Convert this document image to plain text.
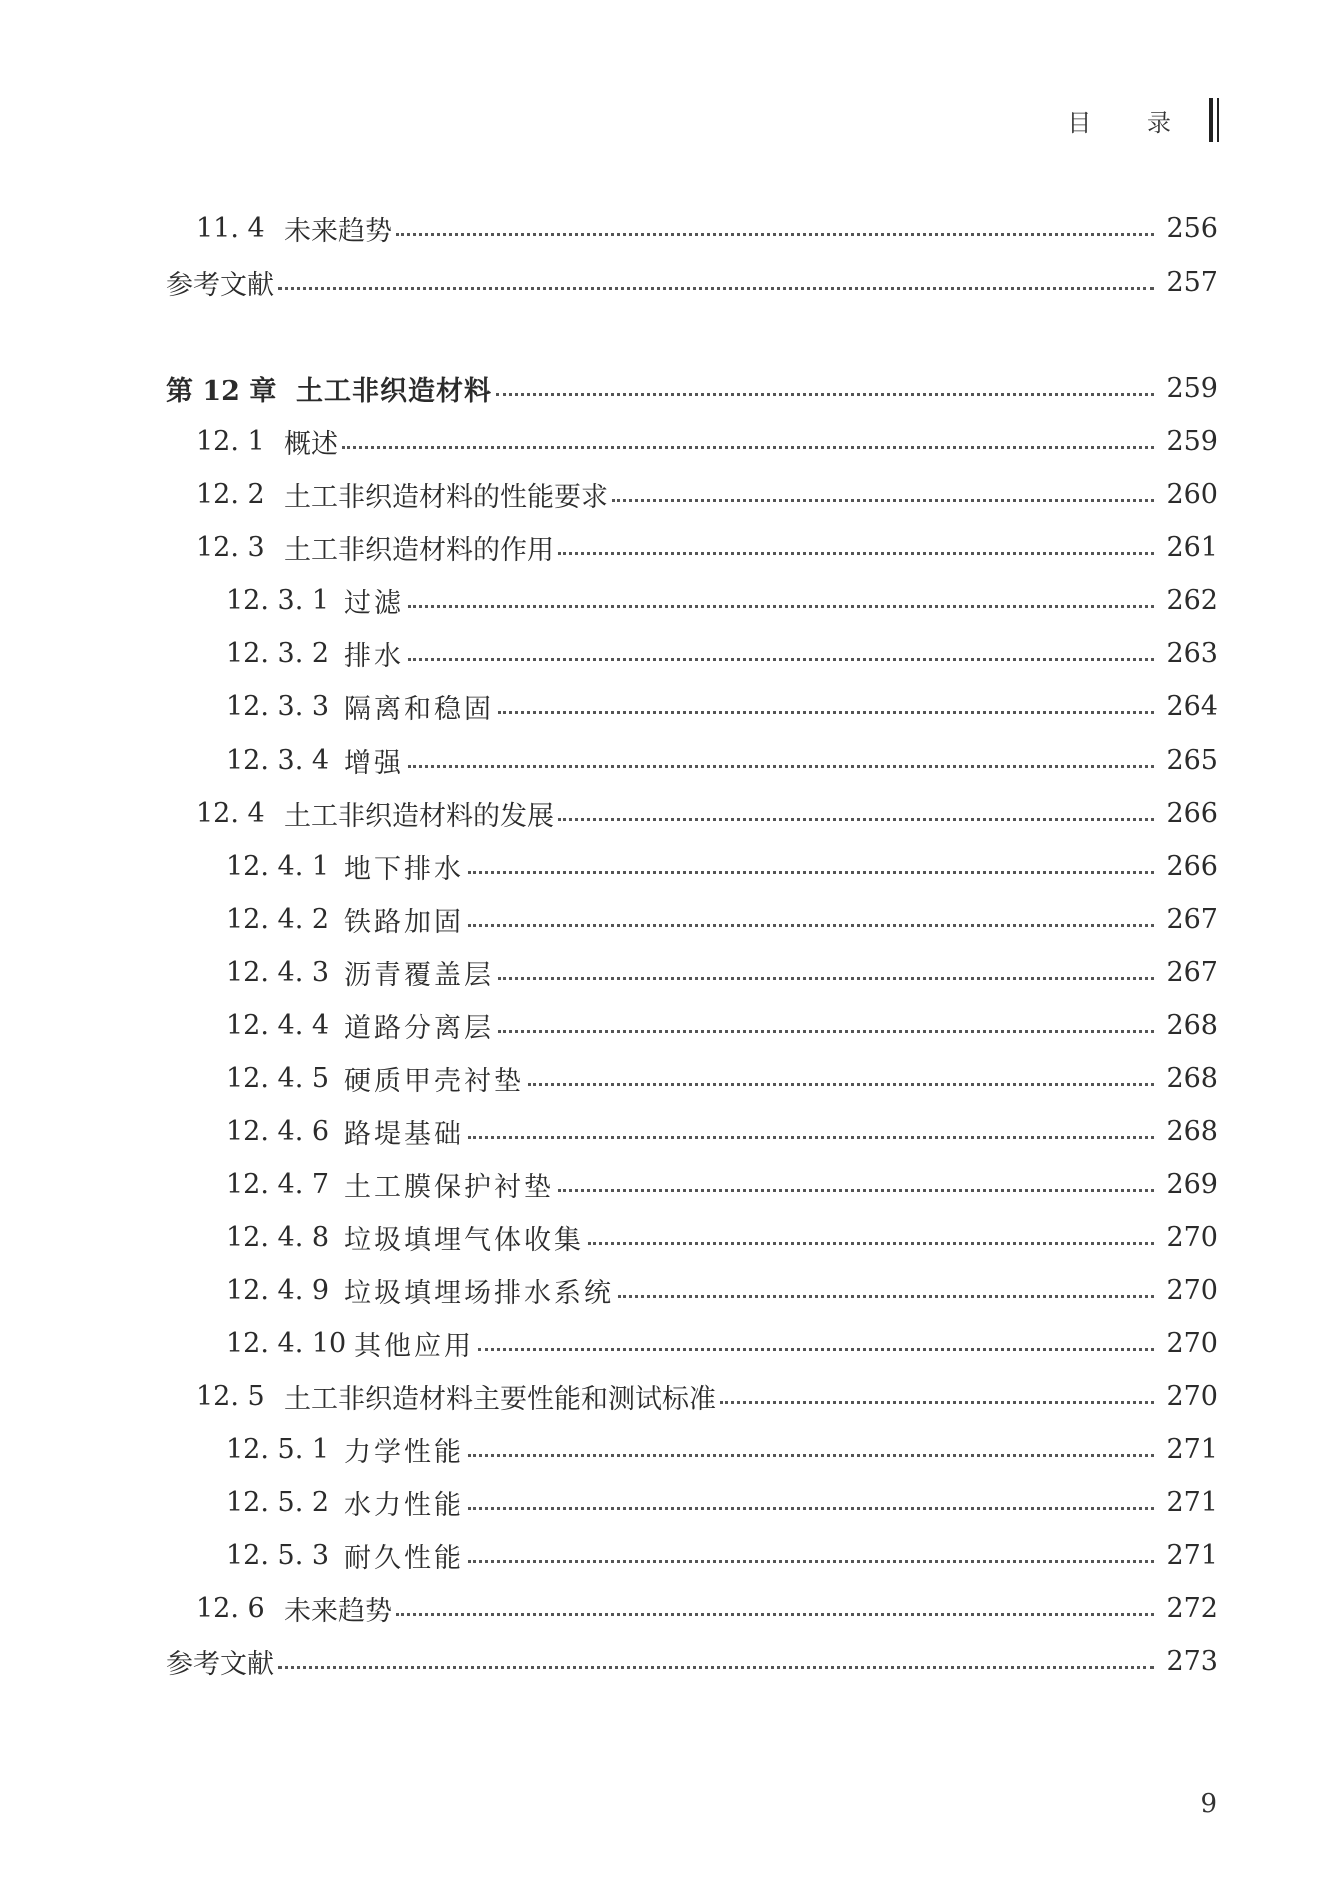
目 录
11. 4 未来趋势	256
参考文献	257
第 12 章 土工非织造材料	259
12. 1 概述	259
12. 2 土工非织造材料的性能要求	260
12. 3 土工非织造材料的作用	261
12. 3. 1 过滤	262
12. 3. 2 排水	263
12. 3. 3 隔离和稳固	264
12. 3. 4 增强	265
12. 4 土工非织造材料的发展	266
12. 4. 1 地下排水	266
12. 4. 2 铁路加固	267
12. 4. 3 沥青覆盖层	267
12. 4. 4 道路分离层	268
12. 4. 5 硬质甲壳衬垫	268
12. 4. 6 路堤基础	268
12. 4. 7 土工膜保护衬垫	269
12. 4. 8 垃圾填埋气体收集	270
12. 4. 9 垃圾填埋场排水系统	270
12. 4. 10 其他应用	270
12. 5 土工非织造材料主要性能和测试标准	270
12. 5. 1 力学性能	271
12. 5. 2 水力性能	271
12. 5. 3 耐久性能	271
12. 6 未来趋势	272
参考文献	273
9
